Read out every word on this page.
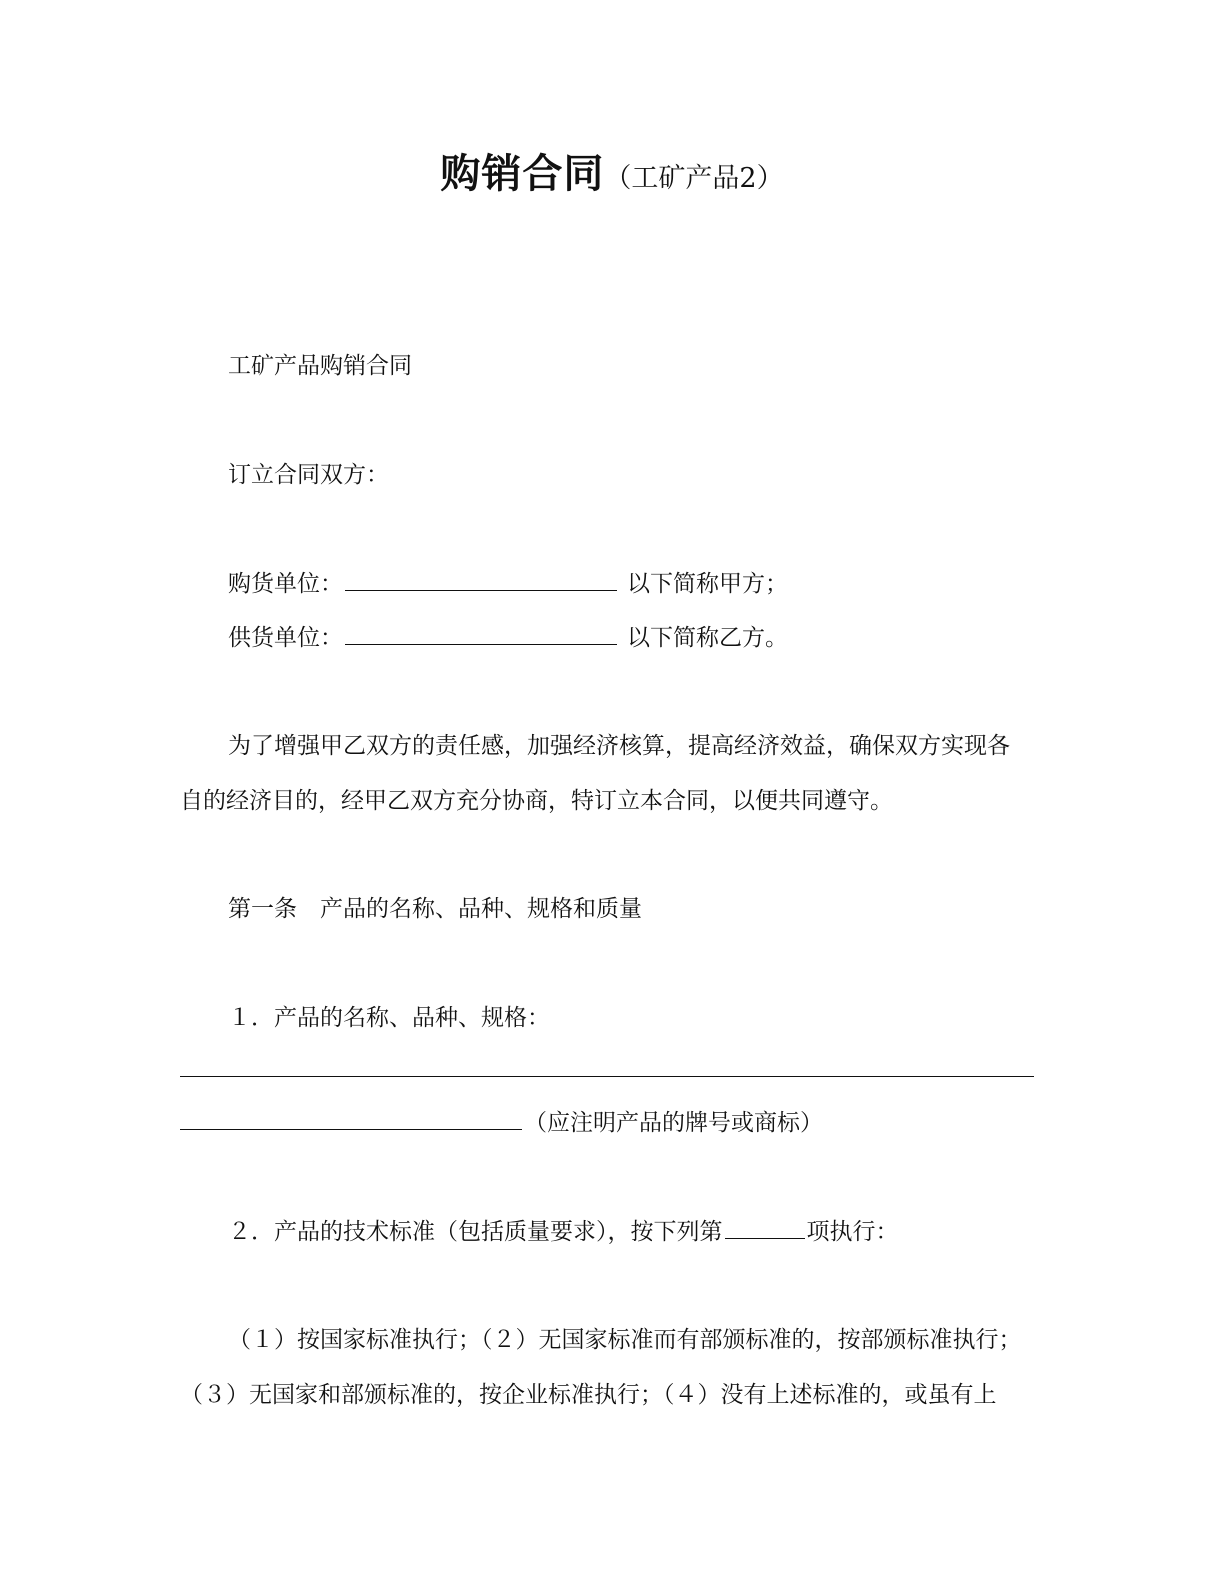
购销合同（工矿产品2）
工矿产品购销合同
订立合同双方：
购货单位：	以下简称甲方；
供货单位：	以下简称乙方。
为了增强甲乙双方的责任感，加强经济核算，提高经济效益，确保双方实现各
自的经济目的，经甲乙双方充分协商，特订立本合同，以便共同遵守。
第一条　产品的名称、品种、规格和质量
１．产品的名称、品种、规格：
（应注明产品的牌号或商标）
２．产品的技术标准（包括质量要求），按下列第	项执行：
（１）按国家标准执行；（２）无国家标准而有部颁标准的，按部颁标准执行；
（３）无国家和部颁标准的，按企业标准执行；（４）没有上述标准的，或虽有上
